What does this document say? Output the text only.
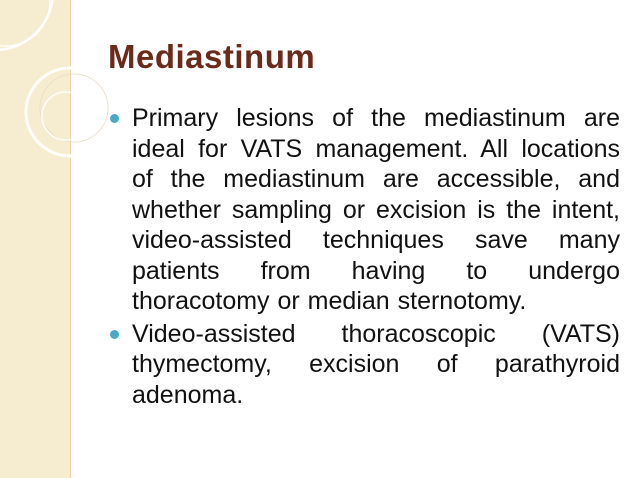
Mediastinum

Primary lesions of the mediastinum are ideal for VATS management. All locations of the mediastinum are accessible, and whether sampling or excision is the intent, video-assisted techniques save many patients from having to undergo thoracotomy or median sternotomy.

Video-assisted thoracoscopic (VATS) thymectomy, excision of parathyroid adenoma.
